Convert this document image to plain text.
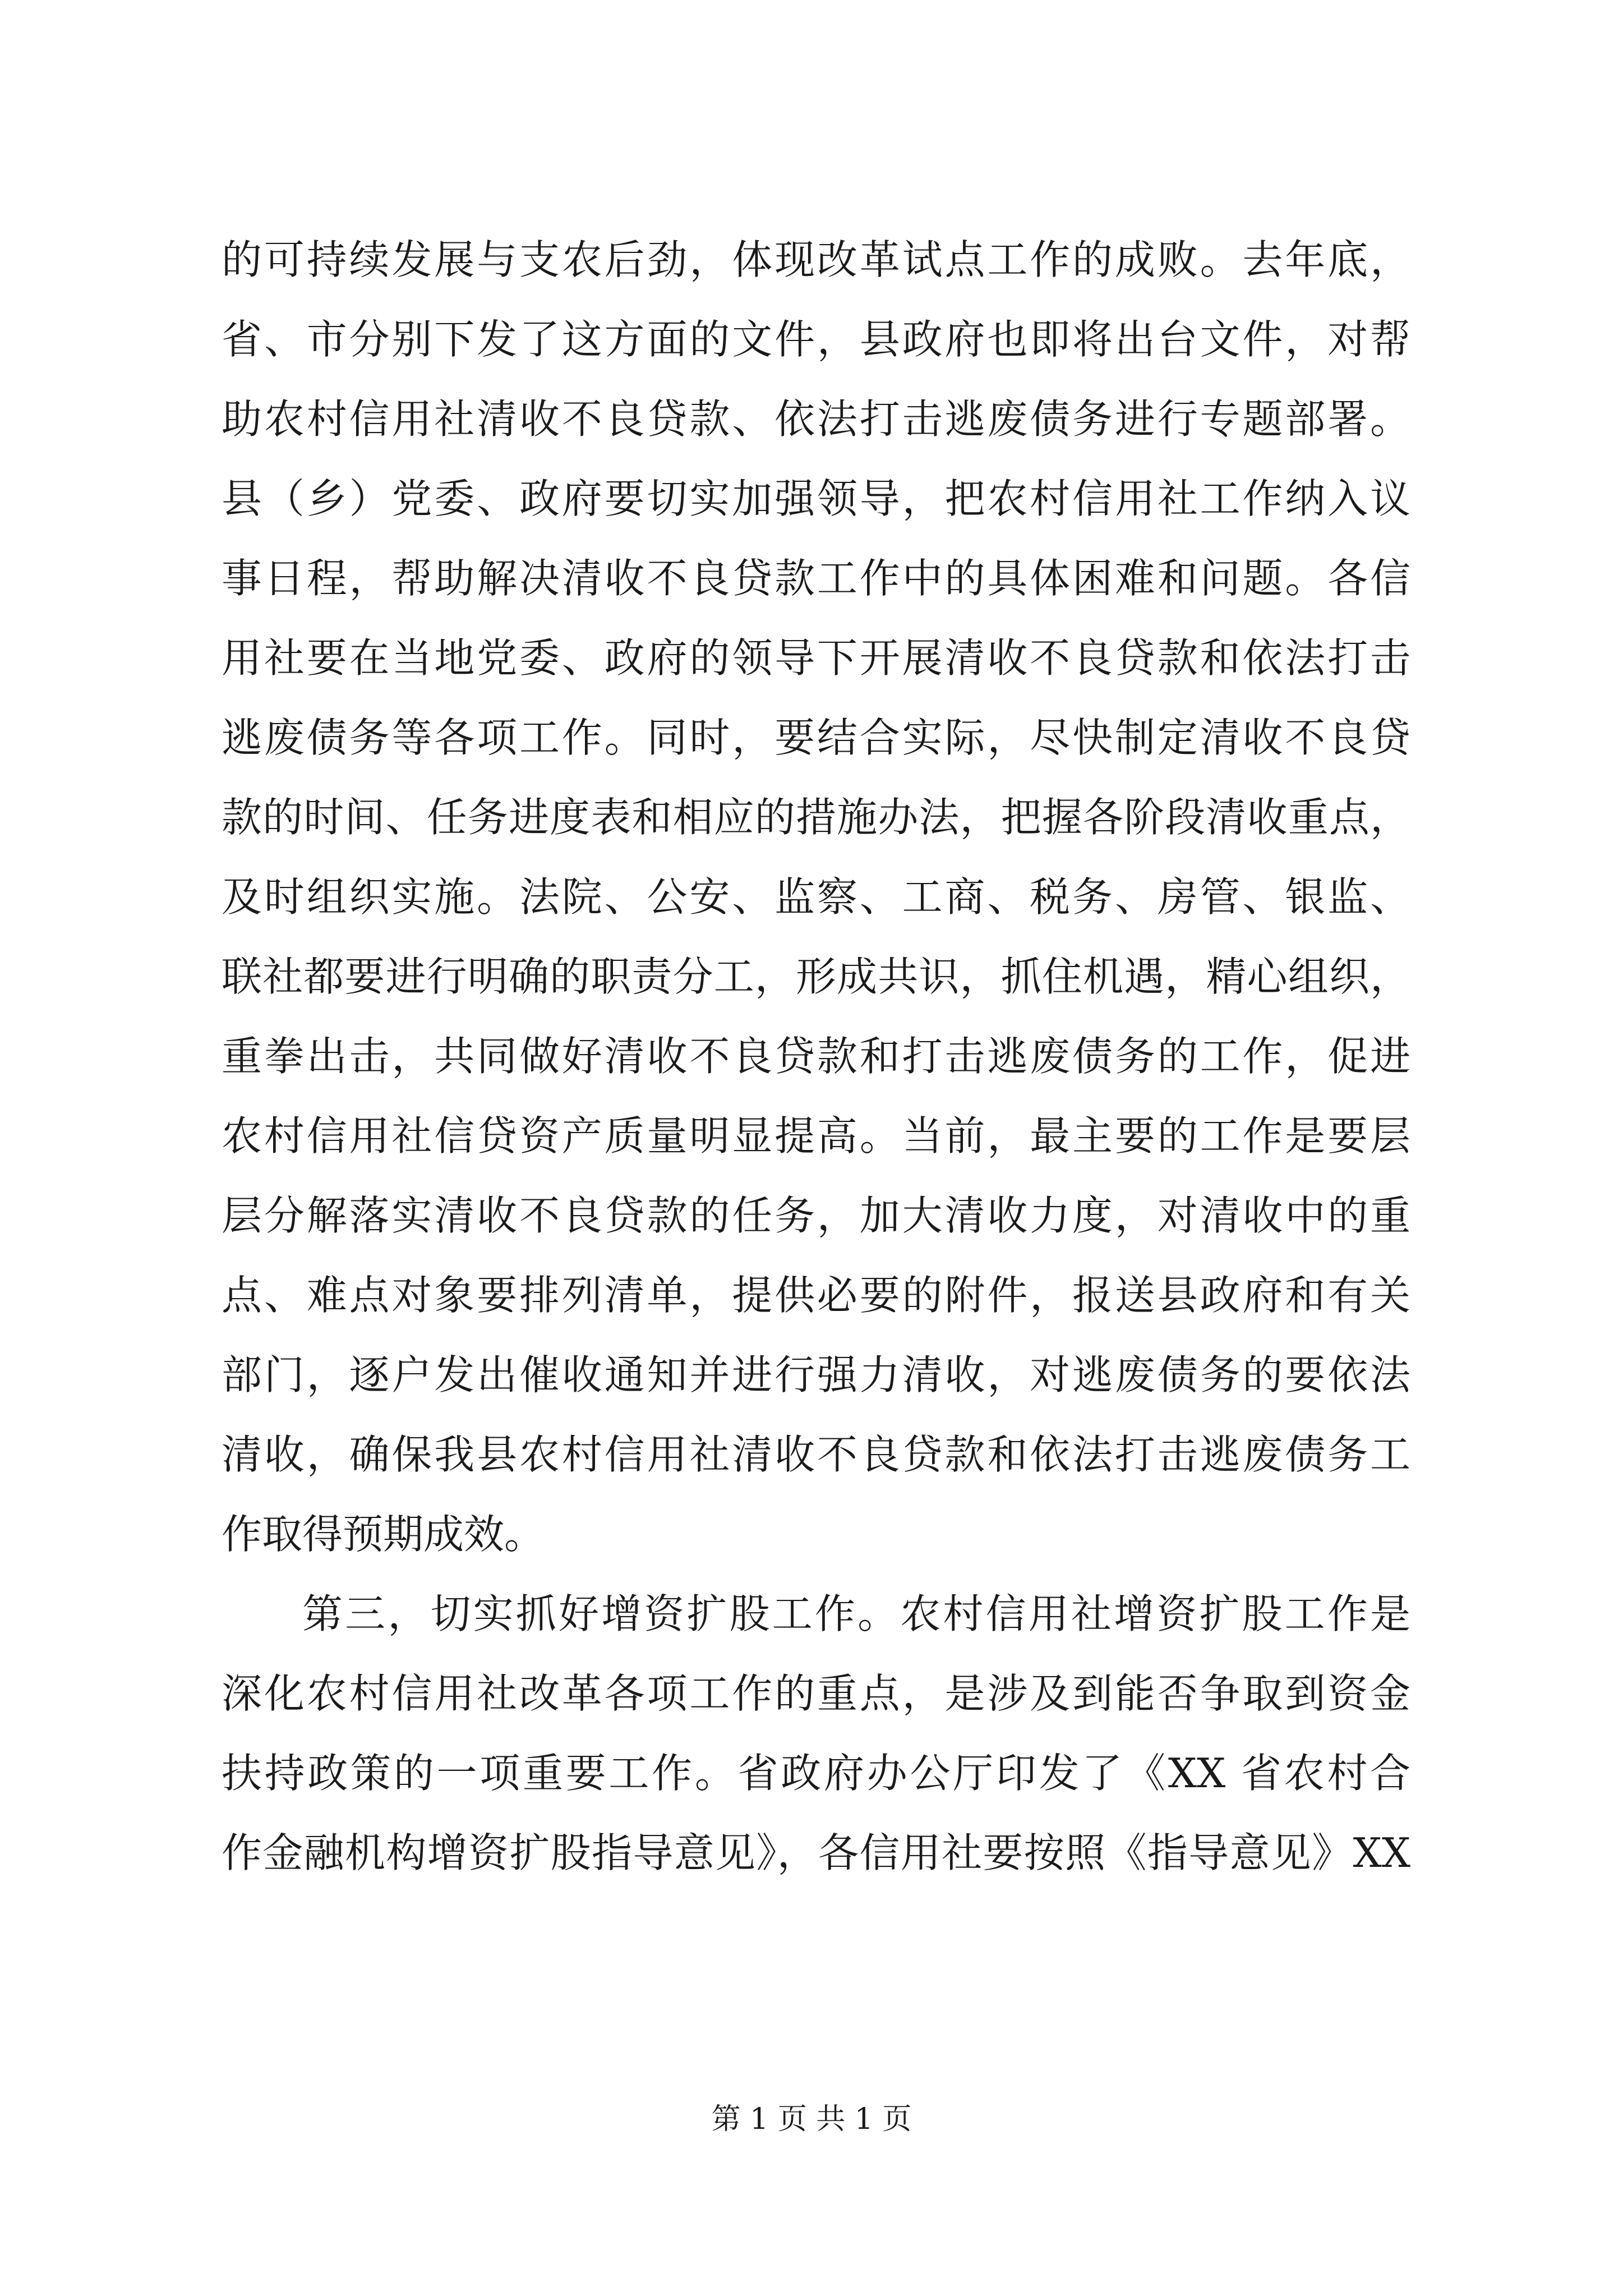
的可持续发展与支农后劲，体现改革试点工作的成败。去年底，
省、市分别下发了这方面的文件，县政府也即将出台文件，对帮
助农村信用社清收不良贷款、依法打击逃废债务进行专题部署。
县（乡）党委、政府要切实加强领导，把农村信用社工作纳入议
事日程，帮助解决清收不良贷款工作中的具体困难和问题。各信
用社要在当地党委、政府的领导下开展清收不良贷款和依法打击
逃废债务等各项工作。同时，要结合实际，尽快制定清收不良贷
款的时间、任务进度表和相应的措施办法，把握各阶段清收重点，
及时组织实施。法院、公安、监察、工商、税务、房管、银监、
联社都要进行明确的职责分工，形成共识，抓住机遇，精心组织，
重拳出击，共同做好清收不良贷款和打击逃废债务的工作，促进
农村信用社信贷资产质量明显提高。当前，最主要的工作是要层
层分解落实清收不良贷款的任务，加大清收力度，对清收中的重
点、难点对象要排列清单，提供必要的附件，报送县政府和有关
部门，逐户发出催收通知并进行强力清收，对逃废债务的要依法
清收，确保我县农村信用社清收不良贷款和依法打击逃废债务工
作取得预期成效。
第三，切实抓好增资扩股工作。农村信用社增资扩股工作是
深化农村信用社改革各项工作的重点，是涉及到能否争取到资金
扶持政策的一项重要工作。省政府办公厅印发了《XX 省农村合
作金融机构增资扩股指导意见》，各信用社要按照《指导意见》XX
第 1 页 共 1 页
